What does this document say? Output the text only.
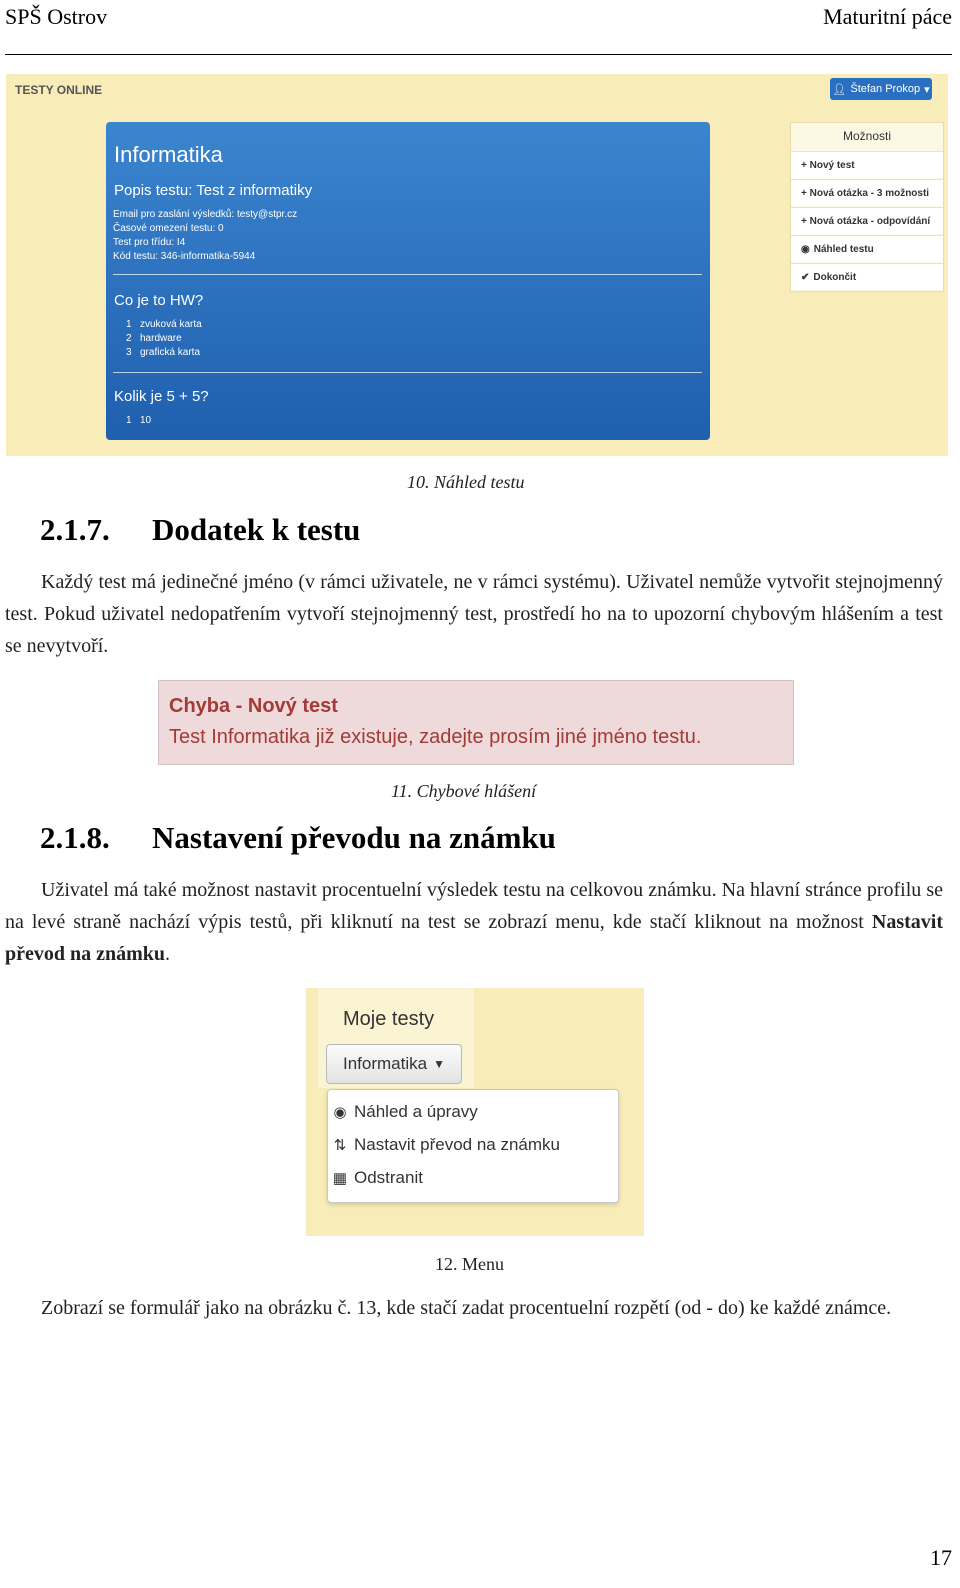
SPŠ Ostrov	Maturitní páce
TESTY ONLINE	👤︎ Štefan Prokop ▾
Informatika
Popis testu: Test z informatiky
Email pro zaslání výsledků: testy@stpr.cz
Časové omezení testu: 0
Test pro třídu: I4
Kód testu: 346-informatika-5944
Co je to HW?
1 zvuková karta
2 hardware
3 grafická karta
Kolik je 5 + 5?
1 10
Možnosti
+ Nový test
+ Nová otázka - 3 možnosti
+ Nová otázka - odpovídání
◉ Náhled testu
✔ Dokončit
10. Náhled testu
2.1.7. Dodatek k testu
Každý test má jedinečné jméno (v rámci uživatele, ne v rámci systému). Uživatel nemůže vytvořit stejnojmenný test. Pokud uživatel nedopatřením vytvoří stejnojmenný test, prostředí ho na to upozorní chybovým hlášením a test se nevytvoří.
Chyba - Nový test
Test Informatika již existuje, zadejte prosím jiné jméno testu.
11. Chybové hlášení
2.1.8. Nastavení převodu na známku
Uživatel má také možnost nastavit procentuelní výsledek testu na celkovou známku. Na hlavní stránce profilu se na levé straně nachází výpis testů, při kliknutí na test se zobrazí menu, kde stačí kliknout na možnost Nastavit převod na známku.
Moje testy
Informatika ▼
◉ Náhled a úpravy
⇅ Nastavit převod na známku
▦ Odstranit
12. Menu
Zobrazí se formulář jako na obrázku č. 13, kde stačí zadat procentuelní rozpětí (od - do) ke každé známce.
17
